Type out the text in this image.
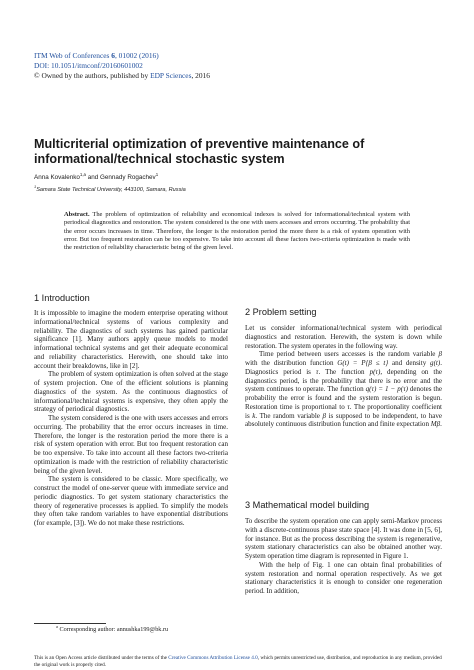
ITM Web of Conferences 6, 01002 (2016)
DOI: 10.1051/itmconf/20160601002
© Owned by the authors, published by EDP Sciences, 2016
Multicriterial optimization of preventive maintenance of informational/technical stochastic system
Anna Kovalenko$^{1,a}$ and Gennady Rogachev$^1$
$^1$Samara State Technical University, 443100, Samara, Russia
Abstract. The problem of optimization of reliability and economical indexes is solved for informational/technical system with periodical diagnostics and restoration. The system considered is the one with users accesses and errors occurring. The probability that the error occurs increases in time. Therefore, the longer is the restoration period the more there is a risk of system operation with error. But too frequent restoration can be too expensive. To take into account all these factors two-criteria optimization is made with the restriction of reliability characteristic being of the given level.
1 Introduction

It is impossible to imagine the modern enterprise operating without informational/technical systems of various complexity and reliability. The diagnostics of such systems has gained particular significance [1]. Many authors apply queue models to model informational technical systems and get their adequate economical and reliability characteristics. Herewith, one should take into account their breakdowns, like in [2].

The problem of system optimization is often solved at the stage of system projection. One of the efficient solutions is planning diagnostics of the system. As the continuous diagnostics of informational/technical systems is expensive, they often apply the strategy of periodical diagnostics.

The system considered is the one with users accesses and errors occurring. The probability that the error occurs increases in time. Therefore, the longer is the restoration period the more there is a risk of system operation with error. But too frequent restoration can be too expensive. To take into account all these factors two-criteria optimization is made with the restriction of reliability characteristic being of the given level.

The system is considered to be classic. More specifically, we construct the model of one-server queue with immediate service and periodic diagnostics. To get system stationary characteristics the theory of regenerative processes is applied. To simplify the models they often take random variables to have exponential distributions (for example, [3]). We do not make these restrictions.

2 Problem setting

Let us consider informational/technical system with periodical diagnostics and restoration. Herewith, the system is down while restoration. The system operates in the following way.

Time period between users accesses is the random variable β with the distribution function G(t) = P{β ≤ t} and density g(t). Diagnostics period is τ. The function p(τ), depending on the diagnostics period, is the probability that there is no error and the system continues to operate. The function q(τ) = 1 − p(τ) denotes the probability the error is found and the system restoration is begun. Restoration time is proportional to τ. The proportionality coefficient is k. The random variable β is supposed to be independent, to have absolutely continuous distribution function and finite expectation Mβ.

3 Mathematical model building

To describe the system operation one can apply semi-Markov process with a discrete-continuous phase state space [4]. It was done in [5, 6], for instance. But as the process describing the system is regenerative, system stationary characteristics can also be obtained another way. System operation time diagram is represented in Figure 1.

With the help of Fig. 1 one can obtain final probabilities of system restoration and normal operation respectively. As we get stationary characteristics it is enough to consider one regeneration period. In addition,

$^a$ Corresponding author: annushka199@bk.ru
This is an Open Access article distributed under the terms of the Creative Commons Attribution License 4.0, which permits unrestricted use, distribution, and reproduction in any medium, provided the original work is properly cited.
